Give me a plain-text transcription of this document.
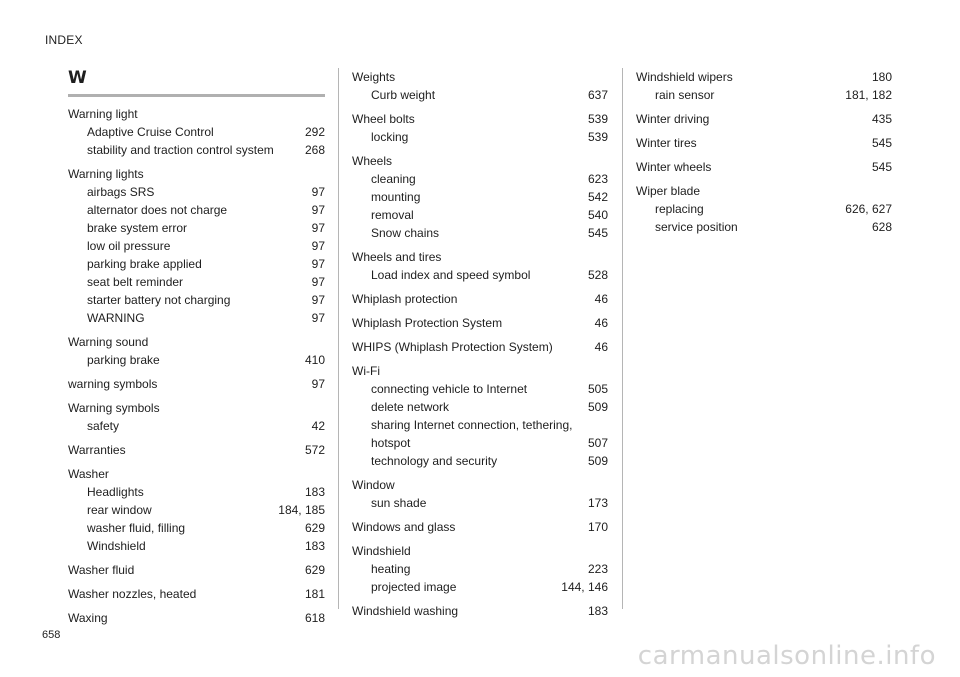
INDEX
W
Warning light
Adaptive Cruise Control	292
stability and traction control system	268
Warning lights
airbags SRS	97
alternator does not charge	97
brake system error	97
low oil pressure	97
parking brake applied	97
seat belt reminder	97
starter battery not charging	97
WARNING	97
Warning sound
parking brake	410
warning symbols	97
Warning symbols
safety	42
Warranties	572
Washer
Headlights	183
rear window	184, 185
washer fluid, filling	629
Windshield	183
Washer fluid	629
Washer nozzles, heated	181
Waxing	618
Weights
Curb weight	637
Wheel bolts	539
locking	539
Wheels
cleaning	623
mounting	542
removal	540
Snow chains	545
Wheels and tires
Load index and speed symbol	528
Whiplash protection	46
Whiplash Protection System	46
WHIPS (Whiplash Protection System)	46
Wi-Fi
connecting vehicle to Internet	505
delete network	509
sharing Internet connection, tethering,
hotspot	507
technology and security	509
Window
sun shade	173
Windows and glass	170
Windshield
heating	223
projected image	144, 146
Windshield washing	183
Windshield wipers	180
rain sensor	181, 182
Winter driving	435
Winter tires	545
Winter wheels	545
Wiper blade
replacing	626, 627
service position	628
658
carmanualsonline.info
